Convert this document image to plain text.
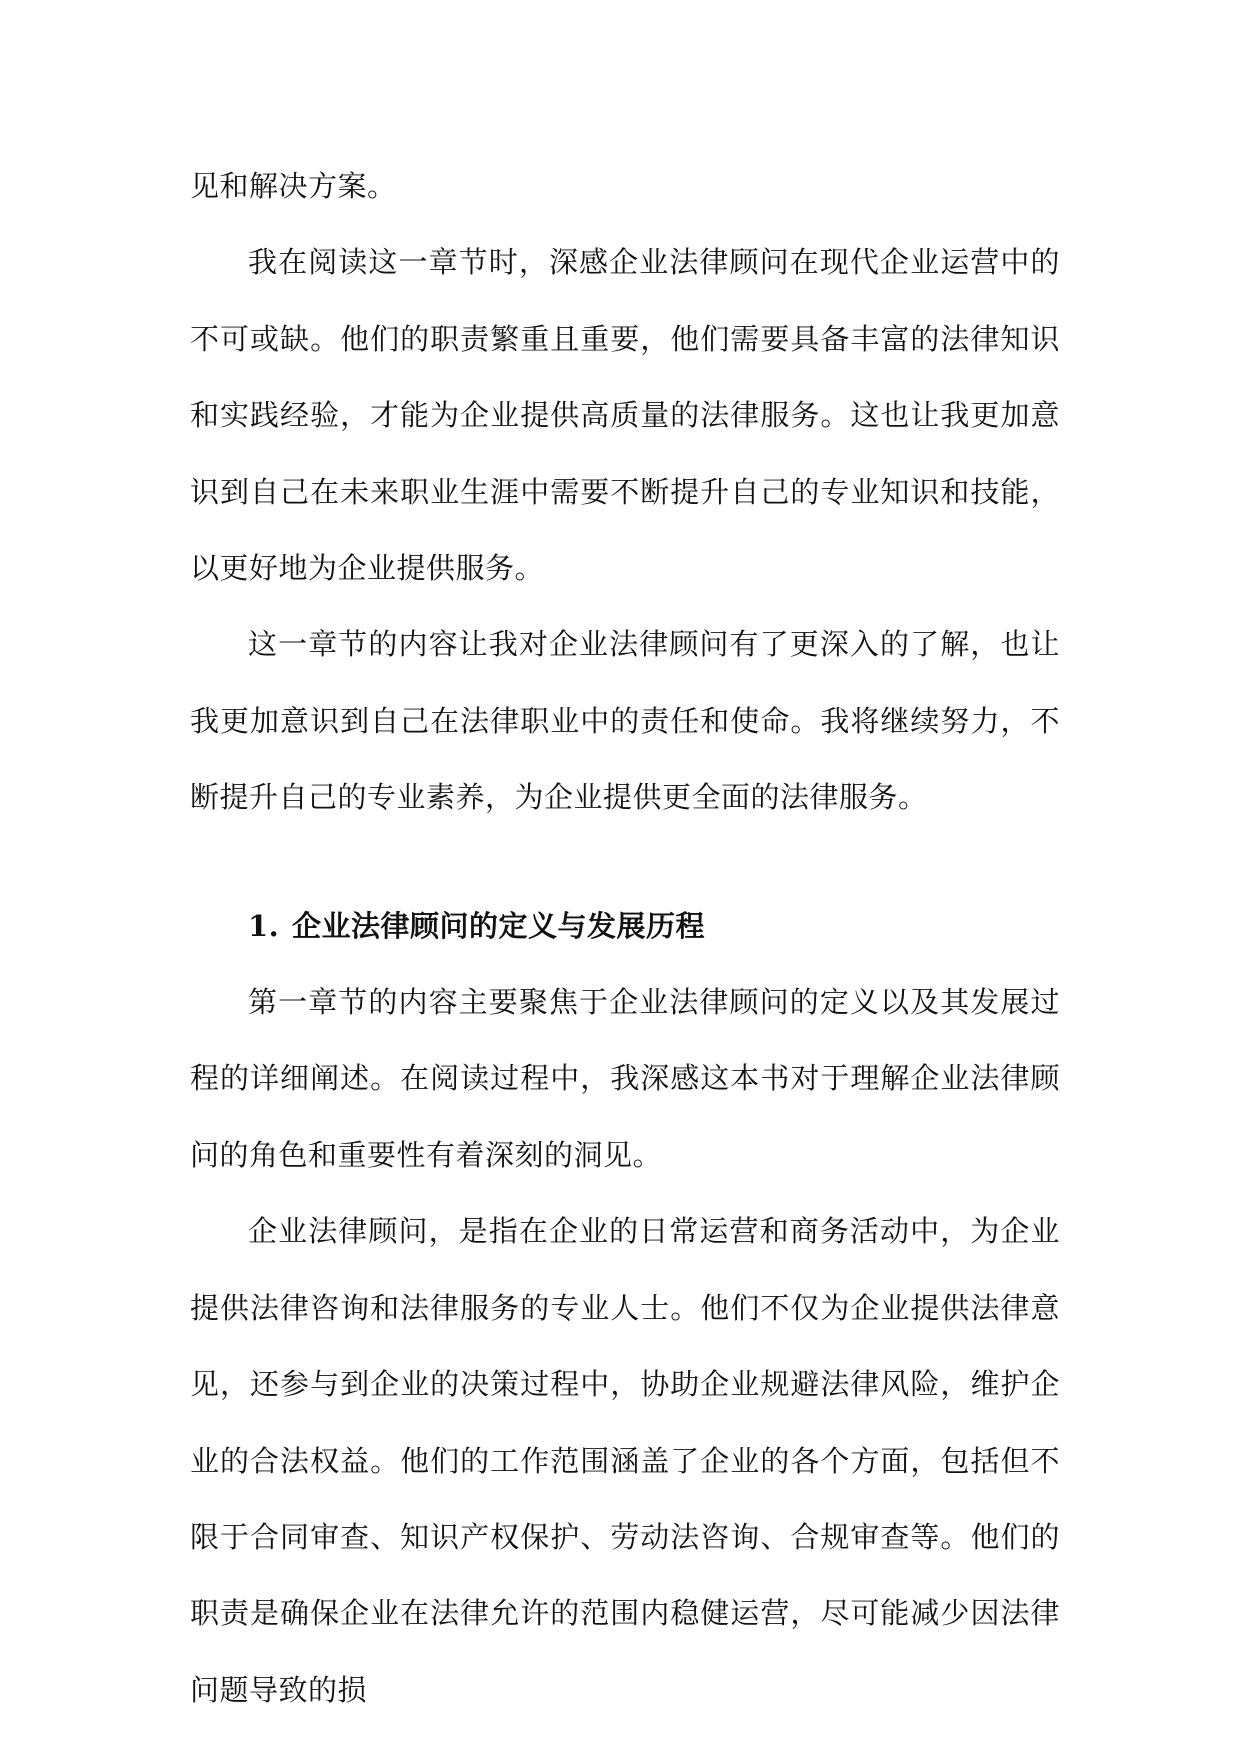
见和解决方案。

我在阅读这一章节时，深感企业法律顾问在现代企业运营中的不可或缺。他们的职责繁重且重要，他们需要具备丰富的法律知识和实践经验，才能为企业提供高质量的法律服务。这也让我更加意识到自己在未来职业生涯中需要不断提升自己的专业知识和技能，以更好地为企业提供服务。

这一章节的内容让我对企业法律顾问有了更深入的了解，也让我更加意识到自己在法律职业中的责任和使命。我将继续努力，不断提升自己的专业素养，为企业提供更全面的法律服务。

1. 企业法律顾问的定义与发展历程

第一章节的内容主要聚焦于企业法律顾问的定义以及其发展过程的详细阐述。在阅读过程中，我深感这本书对于理解企业法律顾问的角色和重要性有着深刻的洞见。

企业法律顾问，是指在企业的日常运营和商务活动中，为企业提供法律咨询和法律服务的专业人士。他们不仅为企业提供法律意见，还参与到企业的决策过程中，协助企业规避法律风险，维护企业的合法权益。他们的工作范围涵盖了企业的各个方面，包括但不限于合同审查、知识产权保护、劳动法咨询、合规审查等。他们的职责是确保企业在法律允许的范围内稳健运营，尽可能减少因法律问题导致的损
